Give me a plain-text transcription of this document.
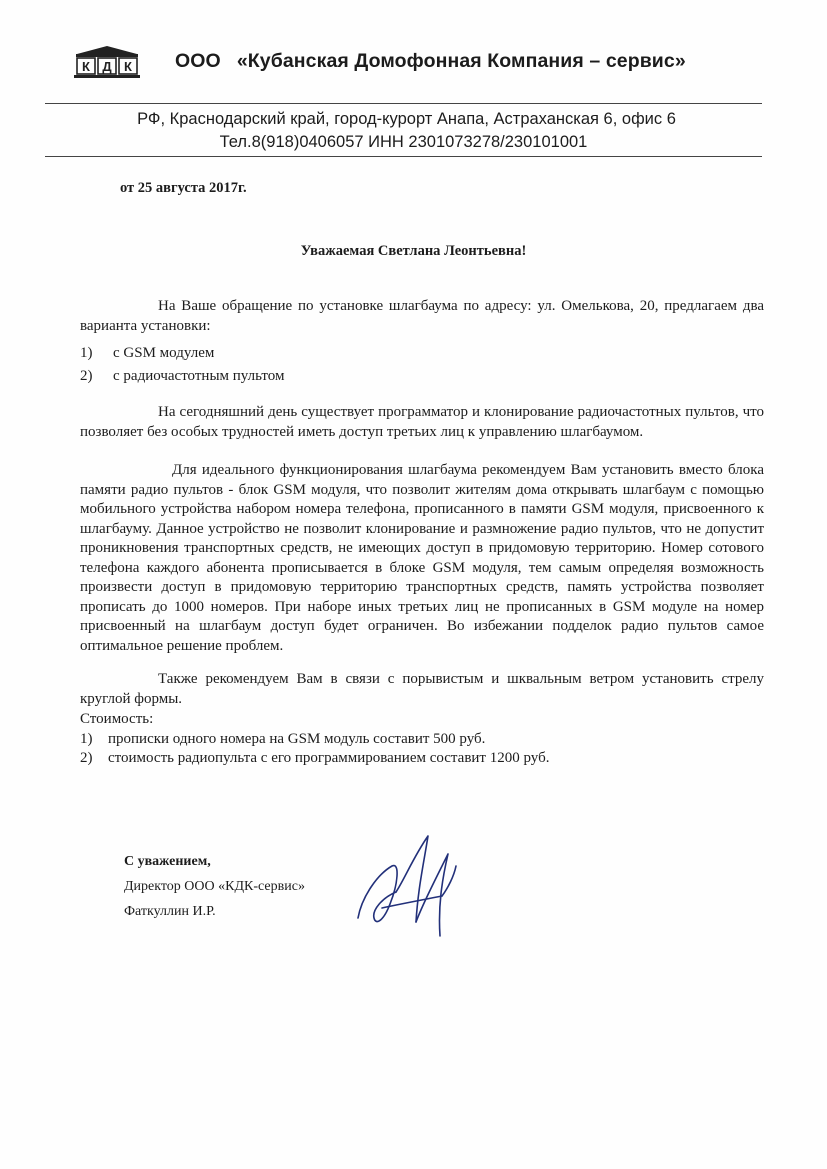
К Д К ООО «Кубанская Домофонная Компания – сервис»
РФ, Краснодарский край, город-курорт Анапа, Астраханская 6, офис 6
Тел.8(918)0406057 ИНН 2301073278/230101001
от 25 августа 2017г.
Уважаемая Светлана Леонтьевна!
На Ваше обращение по установке шлагбаума по адресу: ул. Омелькова, 20, предлагаем два варианта установки:
1)	с GSM модулем
2)	с радиочастотным пультом
На сегодняшний день существует программатор и клонирование радиочастотных пультов, что позволяет без особых трудностей иметь доступ третьих лиц к управлению шлагбаумом.
Для идеального функционирования шлагбаума рекомендуем Вам установить вместо блока памяти радио пультов - блок GSM модуля, что позволит жителям дома открывать шлагбаум с помощью мобильного устройства набором номера телефона, прописанного в памяти GSM модуля, присвоенного к шлагбауму. Данное устройство не позволит клонирование и размножение радио пультов, что не допустит проникновения транспортных средств, не имеющих доступ в придомовую территорию. Номер сотового телефона каждого абонента прописывается в блоке GSM модуля, тем самым определяя возможность произвести доступ в придомовую территорию транспортных средств, память устройства позволяет прописать до 1000 номеров. При наборе иных третьих лиц не прописанных в GSM модуле на номер присвоенный на шлагбаум доступ будет ограничен. Во избежании подделок радио пультов самое оптимальное решение проблем.
Также рекомендуем Вам в связи с порывистым и шквальным ветром установить стрелу круглой формы.
Стоимость:
1)	прописки одного номера на GSM модуль составит 500 руб.
2)	стоимость радиопульта с его программированием составит 1200 руб.
С уважением,
Директор ООО «КДК-сервис»
Фаткуллин И.Р.
